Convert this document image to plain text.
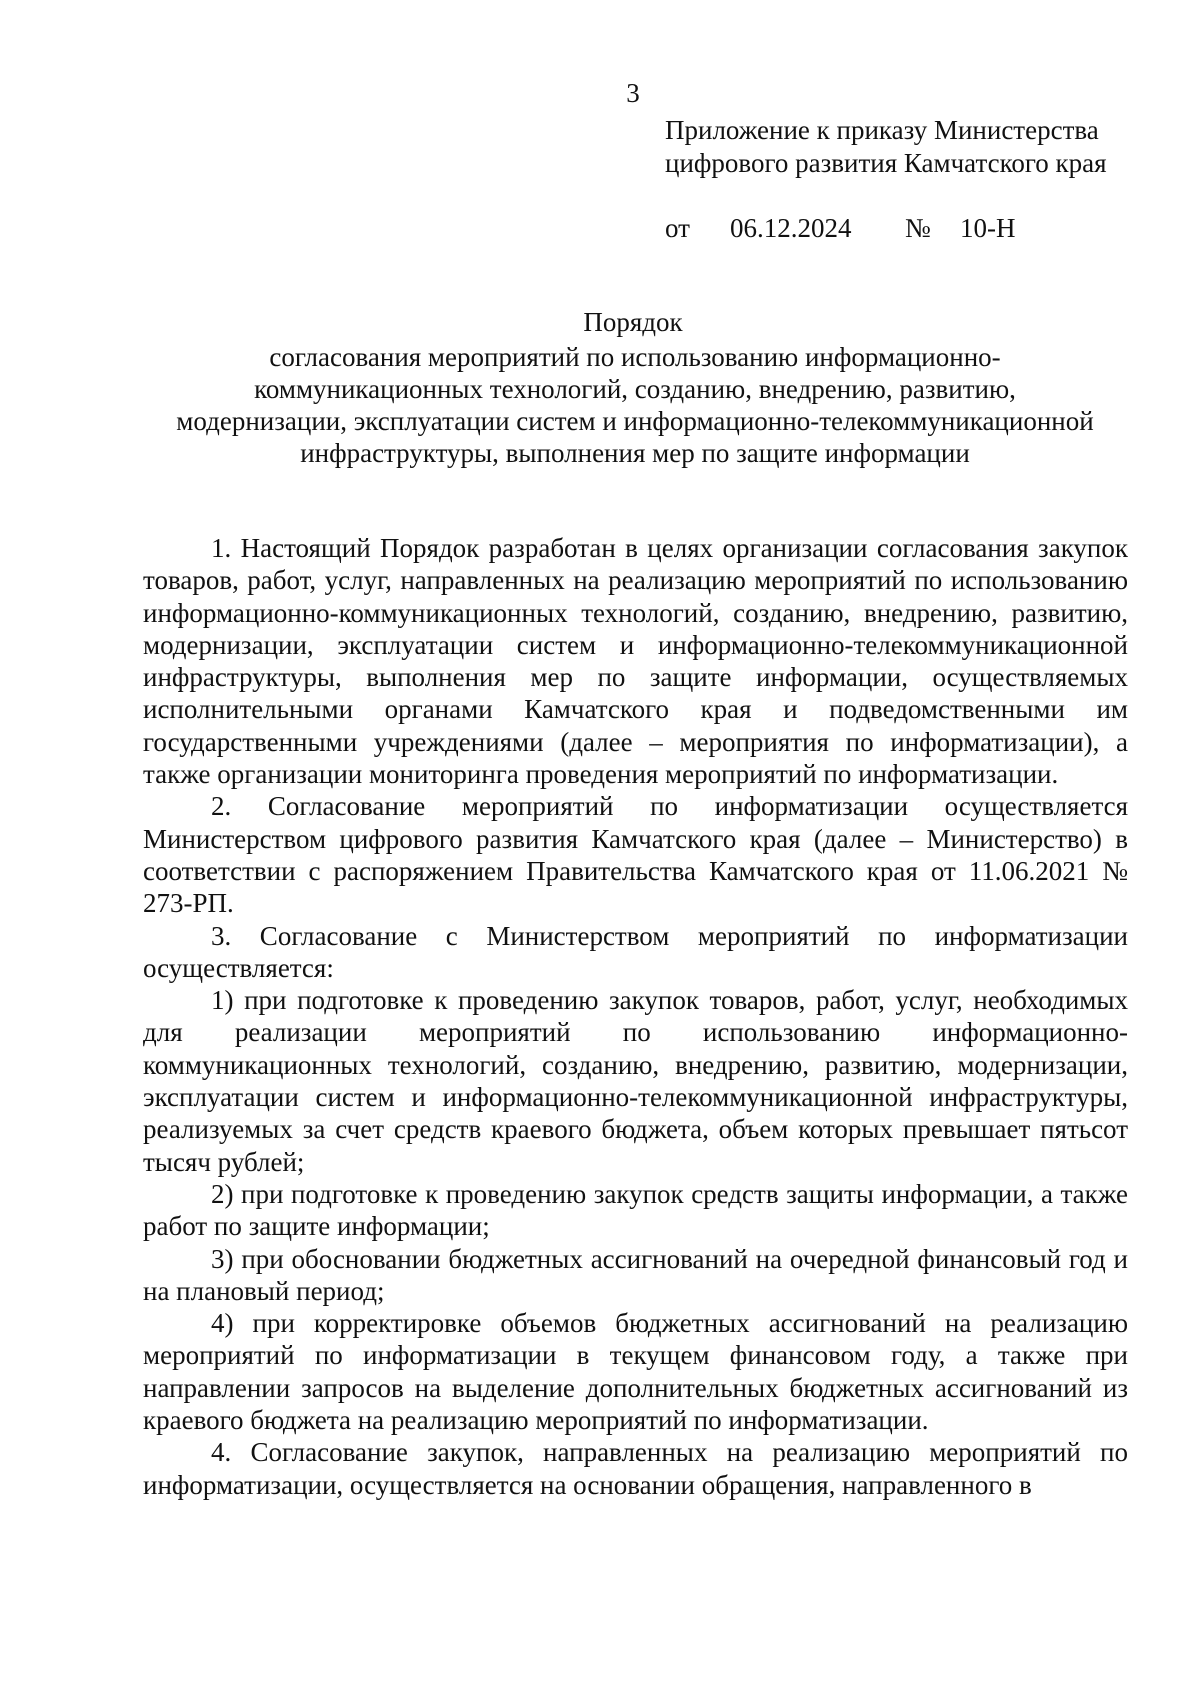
3

Приложение к приказу Министерства цифрового развития Камчатского края

от

06.12.2024

№

10-Н

Порядок
согласования мероприятий по использованию информационно-
коммуникационных технологий, созданию, внедрению, развитию,
модернизации, эксплуатации систем и информационно-телекоммуникационной
инфраструктуры, выполнения мер по защите информации

1. Настоящий Порядок разработан в целях организации согласования закупок товаров, работ, услуг, направленных на реализацию мероприятий по использованию информационно-коммуникационных технологий, созданию, внедрению, развитию, модернизации, эксплуатации систем и информационно-телекоммуникационной инфраструктуры, выполнения мер по защите информации, осуществляемых исполнительными органами Камчатского края и подведомственными им государственными учреждениями (далее – мероприятия по информатизации), а также организации мониторинга проведения мероприятий по информатизации.

2. Согласование мероприятий по информатизации осуществляется Министерством цифрового развития Камчатского края (далее – Министерство) в соответствии с распоряжением Правительства Камчатского края от 11.06.2021 № 273-РП.

3. Согласование с Министерством мероприятий по информатизации осуществляется:

1) при подготовке к проведению закупок товаров, работ, услуг, необходимых для реализации мероприятий по использованию информационно-коммуникационных технологий, созданию, внедрению, развитию, модернизации, эксплуатации систем и информационно-телекоммуникационной инфраструктуры, реализуемых за счет средств краевого бюджета, объем которых превышает пятьсот тысяч рублей;

2) при подготовке к проведению закупок средств защиты информации, а также работ по защите информации;

3) при обосновании бюджетных ассигнований на очередной финансовый год и на плановый период;

4) при корректировке объемов бюджетных ассигнований на реализацию мероприятий по информатизации в текущем финансовом году, а также при направлении запросов на выделение дополнительных бюджетных ассигнований из краевого бюджета на реализацию мероприятий по информатизации.

4. Согласование закупок, направленных на реализацию мероприятий по информатизации, осуществляется на основании обращения, направленного в
